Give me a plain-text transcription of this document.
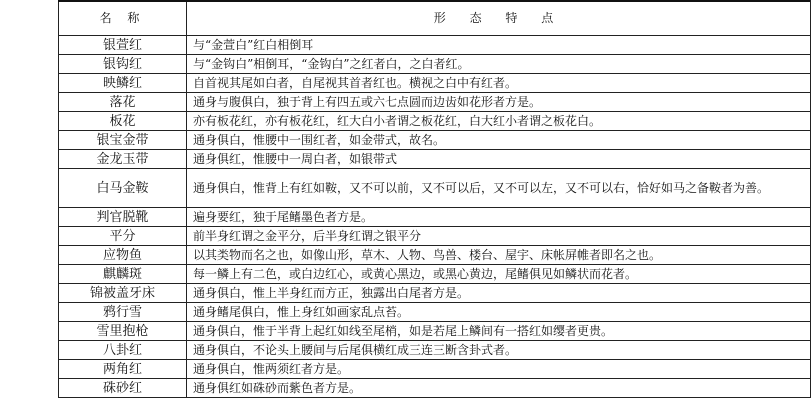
名 称	形 态 特 点
银萱红	与“金萱白”红白相倒耳
银钩红	与“金钩白”相倒耳，“金钩白”之红者白，之白者红。
映鳞红	自首视其尾如白者，自尾视其首者红也。横视之白中有红者。
落花	通身与腹俱白，独于背上有四五或六七点圆而边齿如花形者方是。
板花	亦有板花红，亦有板花红，红大白小者谓之板花红，白大红小者谓之板花白。
银宝金带	通身俱白，惟腰中一围红者，如金带式，故名。
金龙玉带	通身俱红，惟腰中一周白者，如银带式
白马金鞍	通身俱白，惟背上有红如鞍，又不可以前，又不可以后，又不可以左，又不可以右，恰好如马之备鞍者为善。
判官脱靴	遍身要红，独于尾鳍墨色者方是。
平分	前半身红谓之金平分，后半身红谓之银平分
应物鱼	以其类物而名之也，如像山形，草木、人物、鸟兽、楼台、屋宇、床帐屏帷者即名之也。
麒麟斑	每一鳞上有二色，或白边红心，或黄心黑边，或黑心黄边，尾鳍俱见如鳞状而花者。
锦被盖牙床	通身俱白，惟上半身红而方正，独露出白尾者方是。
鸦行雪	通身鳍尾俱白，惟上身红如画家乱点苔。
雪里抱枪	通身俱白，惟于半背上起红如线至尾梢，如是若尾上鳞间有一搭红如缨者更贵。
八卦红	通身俱白，不论头上腰间与后尾俱横红成三连三断含卦式者。
两角红	通身俱白，惟两须红者方是。
硃砂红	通身俱红如硃砂而紫色者方是。
